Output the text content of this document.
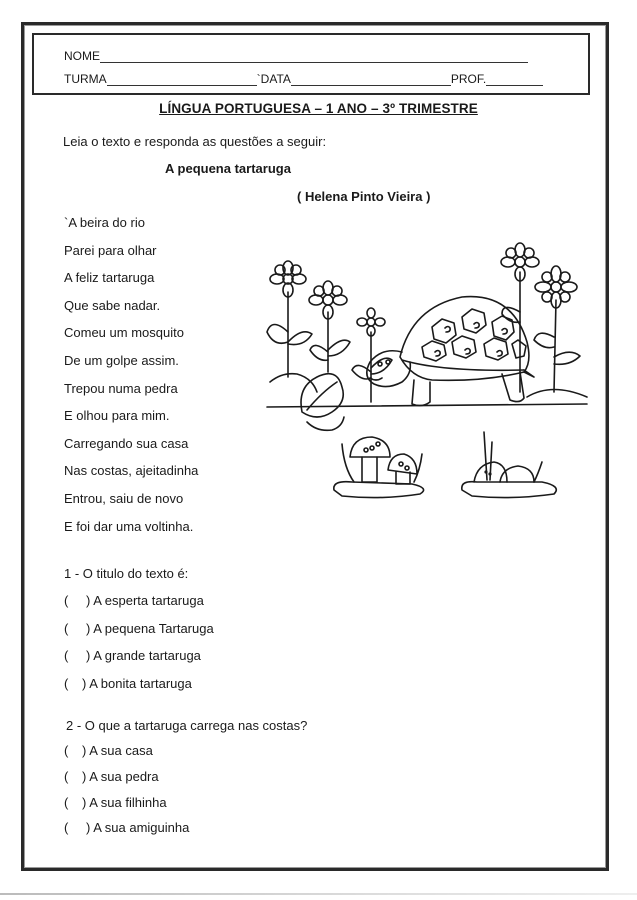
NOME
TURMA	`DATA	PROF.
LÍNGUA PORTUGUESA – 1 ANO – 3º TRIMESTRE
Leia o texto e responda as questões a seguir:
A pequena tartaruga
( Helena Pinto Vieira )
`A beira do rio
Parei para olhar
A feliz tartaruga
Que sabe nadar.
Comeu um mosquito
De um golpe assim.
Trepou numa pedra
E olhou para mim.
Carregando sua casa
Nas costas, ajeitadinha
Entrou, saiu de novo
E foi dar uma voltinha.
1 - O titulo do texto é:
(	) A esperta tartaruga
(	) A pequena Tartaruga
(	) A grande tartaruga
(	) A bonita tartaruga
2 - O que a tartaruga carrega nas costas?
(	) A sua casa
(	) A sua pedra
(	) A sua filhinha
(	) A sua amiguinha
